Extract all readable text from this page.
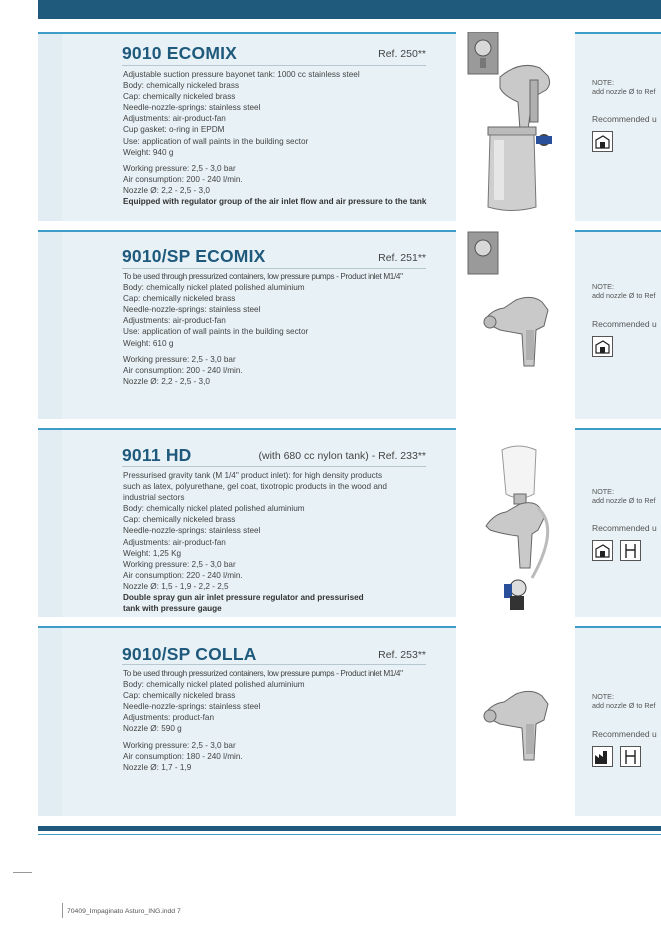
9010 ECOMIX	Ref. 250**
Adjustable suction pressure bayonet tank: 1000 cc stainless steel
Body: chemically nickeled brass
Cap: chemically nickeled brass
Needle-nozzle-springs: stainless steel
Adjustments: air-product-fan
Cup gasket: o-ring in EPDM
Use: application of wall paints in the building sector
Weight: 940 g
Working pressure: 2,5 - 3,0 bar
Air consumption: 200 - 240 l/min.
Nozzle Ø: 2,2 - 2,5 - 3,0
Equipped with regulator group of the air inlet flow and air pressure to the tank
NOTE:
add nozzle Ø to Ref
Recommended u
9010/SP ECOMIX	Ref. 251**
To be used through pressurized containers, low pressure pumps - Product inlet M1/4"
Body: chemically nickel plated polished aluminium
Cap: chemically nickeled brass
Needle-nozzle-springs: stainless steel
Adjustments: air-product-fan
Use: application of wall paints in the building sector
Weight: 610 g
Working pressure: 2,5 - 3,0 bar
Air consumption: 200 - 240 l/min.
Nozzle Ø: 2,2 - 2,5 - 3,0
NOTE:
add nozzle Ø to Ref
Recommended u
9011 HD	(with 680 cc nylon tank) - Ref. 233**
Pressurised gravity tank (M 1/4" product inlet): for high density products
such as latex, polyurethane, gel coat, tixotropic products in the wood and
industrial sectors
Body: chemically nickel plated polished aluminium
Cap: chemically nickeled brass
Needle-nozzle-springs: stainless steel
Adjustments: air-product-fan
Weight: 1,25 Kg
Working pressure: 2,5 - 3,0 bar
Air consumption: 220 - 240 l/min.
Nozzle Ø: 1,5 - 1,9 - 2,2 - 2,5
Double spray gun air inlet pressure regulator and pressurised
tank with pressure gauge
NOTE:
add nozzle Ø to Ref
Recommended u
9010/SP COLLA	Ref. 253**
To be used through pressurized containers, low pressure pumps - Product inlet M1/4"
Body: chemically nickel plated polished aluminium
Cap: chemically nickeled brass
Needle-nozzle-springs: stainless steel
Adjustments: product-fan
Nozzle Ø: 590 g
Working pressure: 2,5 - 3,0 bar
Air consumption: 180 - 240 l/min.
Nozzle Ø: 1,7 - 1,9
NOTE:
add nozzle Ø to Ref
Recommended u
70409_Impaginato Asturo_ING.indd 7
